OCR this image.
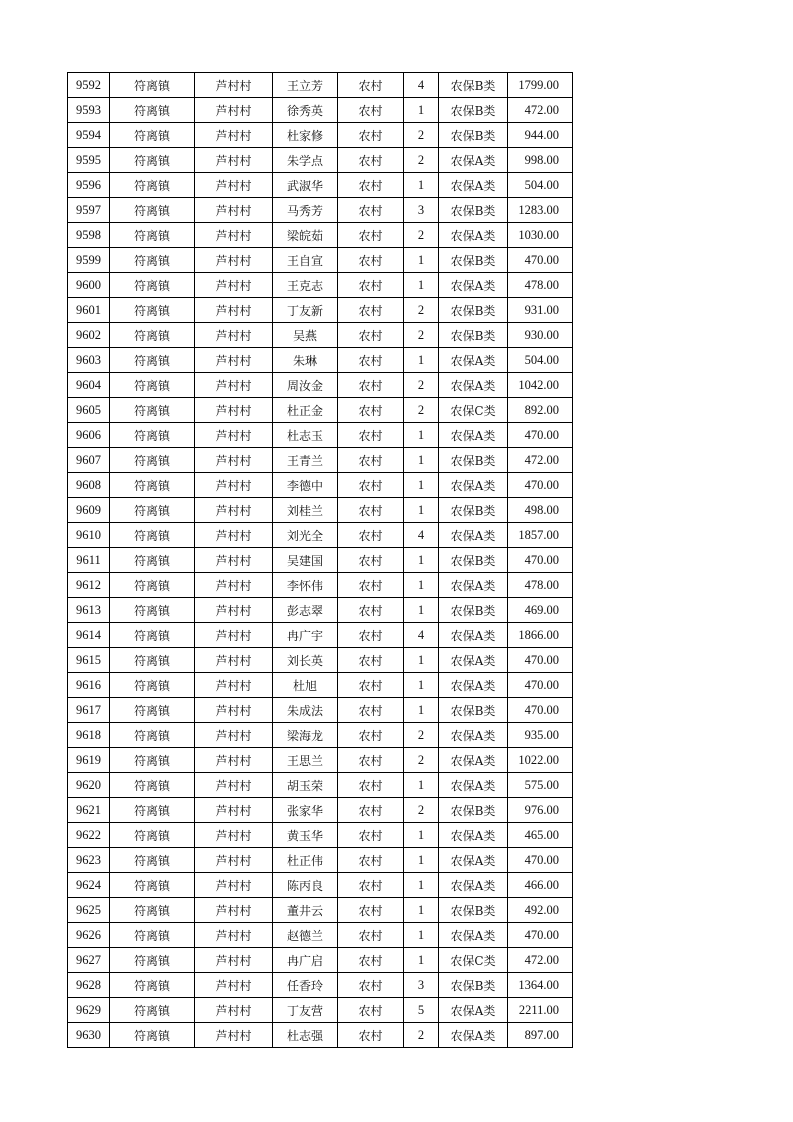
9592	符离镇	芦村村	王立芳	农村	4	农保B类	1799.00
9593	符离镇	芦村村	徐秀英	农村	1	农保B类	472.00
9594	符离镇	芦村村	杜家修	农村	2	农保B类	944.00
9595	符离镇	芦村村	朱学点	农村	2	农保A类	998.00
9596	符离镇	芦村村	武淑华	农村	1	农保A类	504.00
9597	符离镇	芦村村	马秀芳	农村	3	农保B类	1283.00
9598	符离镇	芦村村	梁皖茹	农村	2	农保A类	1030.00
9599	符离镇	芦村村	王自宣	农村	1	农保B类	470.00
9600	符离镇	芦村村	王克志	农村	1	农保A类	478.00
9601	符离镇	芦村村	丁友新	农村	2	农保B类	931.00
9602	符离镇	芦村村	吴燕	农村	2	农保B类	930.00
9603	符离镇	芦村村	朱琳	农村	1	农保A类	504.00
9604	符离镇	芦村村	周汝金	农村	2	农保A类	1042.00
9605	符离镇	芦村村	杜正金	农村	2	农保C类	892.00
9606	符离镇	芦村村	杜志玉	农村	1	农保A类	470.00
9607	符离镇	芦村村	王青兰	农村	1	农保B类	472.00
9608	符离镇	芦村村	李德中	农村	1	农保A类	470.00
9609	符离镇	芦村村	刘桂兰	农村	1	农保B类	498.00
9610	符离镇	芦村村	刘光全	农村	4	农保A类	1857.00
9611	符离镇	芦村村	吴建国	农村	1	农保B类	470.00
9612	符离镇	芦村村	李怀伟	农村	1	农保A类	478.00
9613	符离镇	芦村村	彭志翠	农村	1	农保B类	469.00
9614	符离镇	芦村村	冉广宇	农村	4	农保A类	1866.00
9615	符离镇	芦村村	刘长英	农村	1	农保A类	470.00
9616	符离镇	芦村村	杜旭	农村	1	农保A类	470.00
9617	符离镇	芦村村	朱成法	农村	1	农保B类	470.00
9618	符离镇	芦村村	梁海龙	农村	2	农保A类	935.00
9619	符离镇	芦村村	王思兰	农村	2	农保A类	1022.00
9620	符离镇	芦村村	胡玉荣	农村	1	农保A类	575.00
9621	符离镇	芦村村	张家华	农村	2	农保B类	976.00
9622	符离镇	芦村村	黄玉华	农村	1	农保A类	465.00
9623	符离镇	芦村村	杜正伟	农村	1	农保A类	470.00
9624	符离镇	芦村村	陈丙良	农村	1	农保A类	466.00
9625	符离镇	芦村村	董井云	农村	1	农保B类	492.00
9626	符离镇	芦村村	赵德兰	农村	1	农保A类	470.00
9627	符离镇	芦村村	冉广启	农村	1	农保C类	472.00
9628	符离镇	芦村村	任香玲	农村	3	农保B类	1364.00
9629	符离镇	芦村村	丁友营	农村	5	农保A类	2211.00
9630	符离镇	芦村村	杜志强	农村	2	农保A类	897.00
